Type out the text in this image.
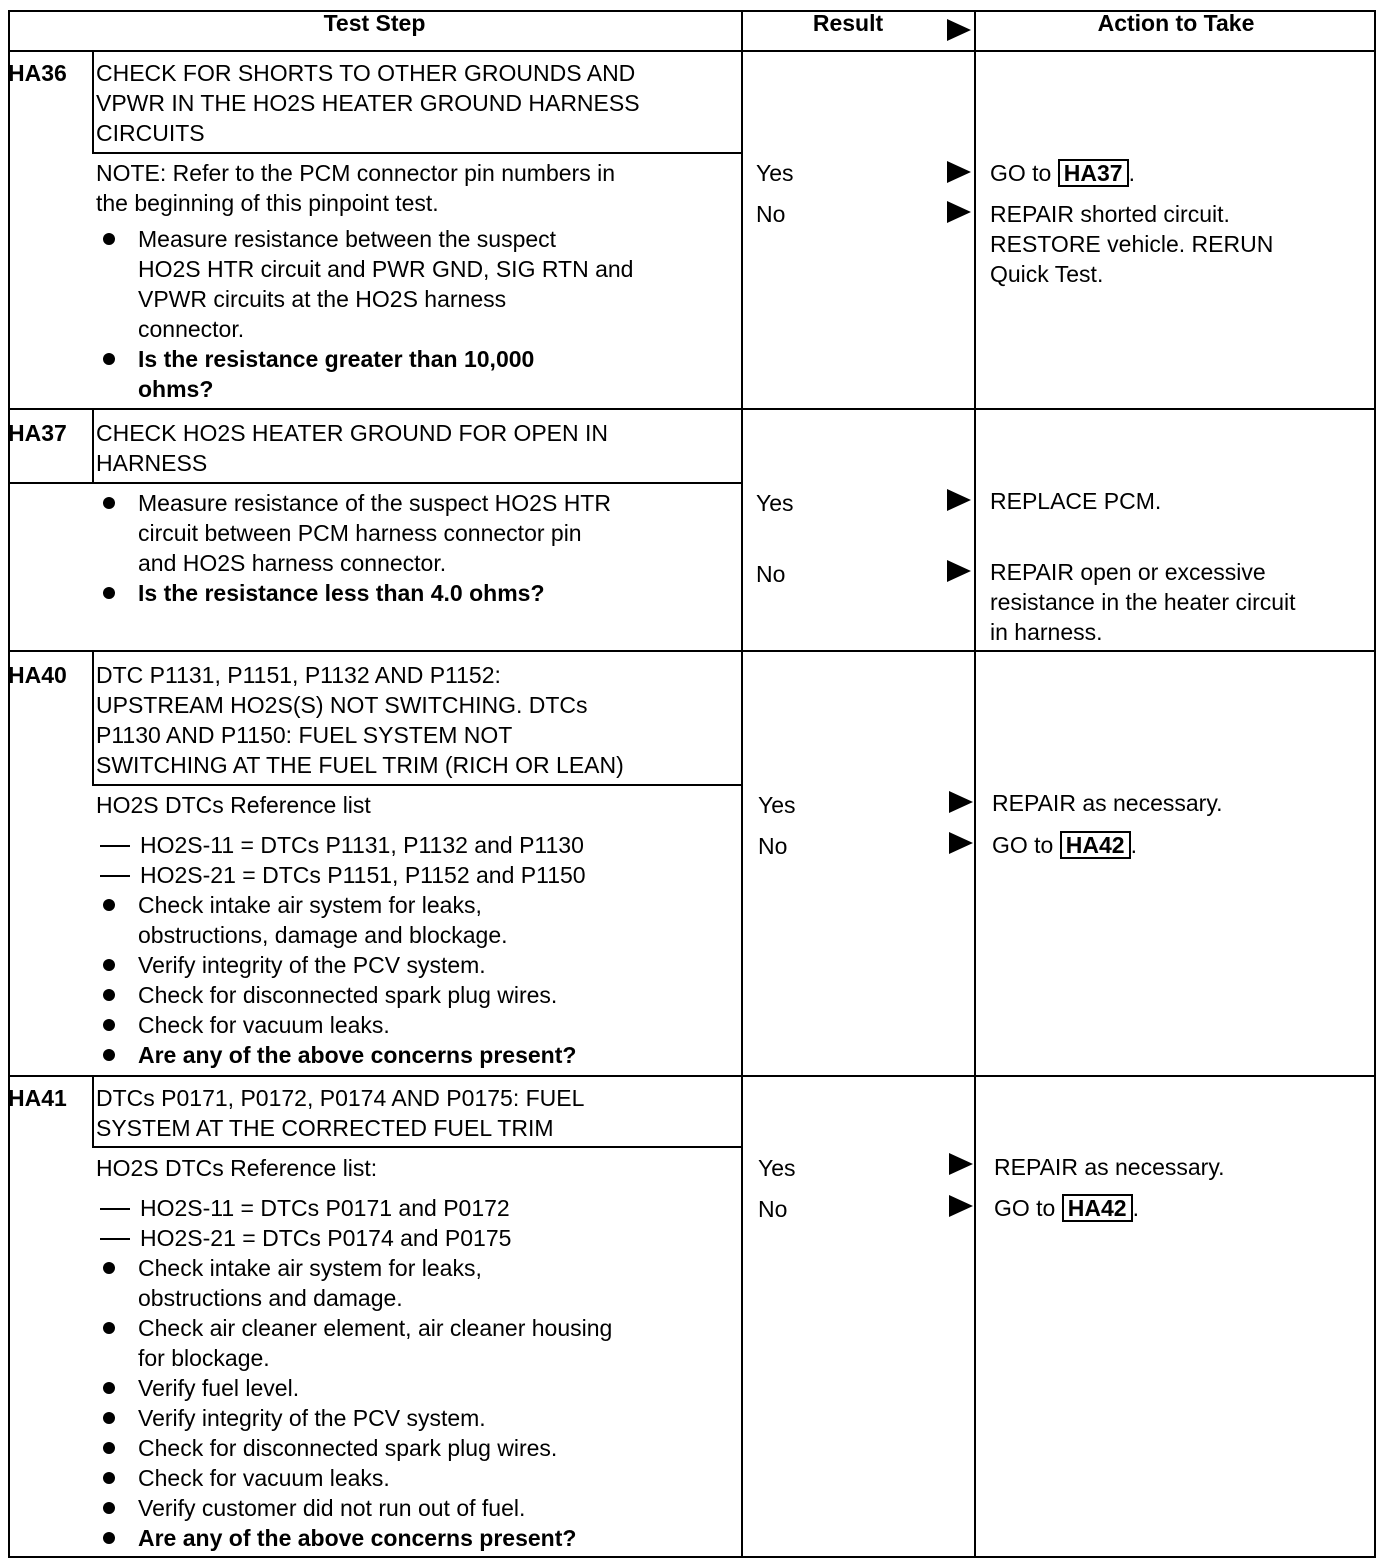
Test Step	Result	Action to Take
HA36 CHECK FOR SHORTS TO OTHER GROUNDS AND
VPWR IN THE HO2S HEATER GROUND HARNESS
CIRCUITS
NOTE: Refer to the PCM connector pin numbers in
the beginning of this pinpoint test.
Measure resistance between the suspect
HO2S HTR circuit and PWR GND, SIG RTN and
VPWR circuits at the HO2S harness
connector.
Is the resistance greater than 10,000
ohms?
Yes
No
GO to HA37 .
REPAIR shorted circuit.
RESTORE vehicle. RERUN
Quick Test.
HA37 CHECK HO2S HEATER GROUND FOR OPEN IN
HARNESS
Measure resistance of the suspect HO2S HTR
circuit between PCM harness connector pin
and HO2S harness connector.
Is the resistance less than 4.0 ohms?
Yes
No
REPLACE PCM.
REPAIR open or excessive
resistance in the heater circuit
in harness.
HA40 DTC P1131, P1151, P1132 AND P1152:
UPSTREAM HO2S(S) NOT SWITCHING. DTCs
P1130 AND P1150: FUEL SYSTEM NOT
SWITCHING AT THE FUEL TRIM (RICH OR LEAN)
HO2S DTCs Reference list
HO2S-11 = DTCs P1131, P1132 and P1130
HO2S-21 = DTCs P1151, P1152 and P1150
Check intake air system for leaks,
obstructions, damage and blockage.
Verify integrity of the PCV system.
Check for disconnected spark plug wires.
Check for vacuum leaks.
Are any of the above concerns present?
Yes
No
REPAIR as necessary.
GO to HA42 .
HA41 DTCs P0171, P0172, P0174 AND P0175: FUEL
SYSTEM AT THE CORRECTED FUEL TRIM
HO2S DTCs Reference list:
HO2S-11 = DTCs P0171 and P0172
HO2S-21 = DTCs P0174 and P0175
Check intake air system for leaks,
obstructions and damage.
Check air cleaner element, air cleaner housing
for blockage.
Verify fuel level.
Verify integrity of the PCV system.
Check for disconnected spark plug wires.
Check for vacuum leaks.
Verify customer did not run out of fuel.
Are any of the above concerns present?
Yes
No
REPAIR as necessary.
GO to HA42 .
